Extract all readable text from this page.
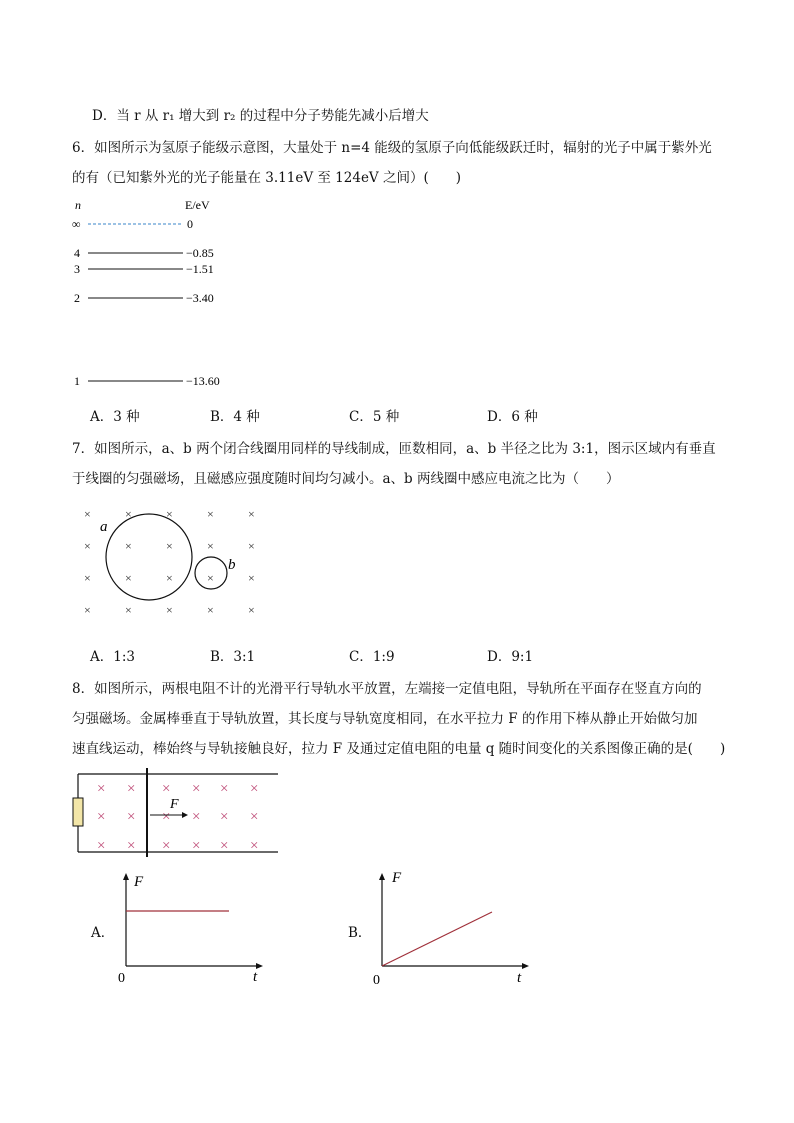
D．当 r 从 r₁ 增大到 r₂ 的过程中分子势能先减小后增大
6．如图所示为氢原子能级示意图，大量处于 n=4 能级的氢原子向低能级跃迁时，辐射的光子中属于紫外光
的有（已知紫外光的光子能量在 3.11eV 至 124eV 之间）(　　)
n	E/eV
∞	0
4	−0.85
3	−1.51
2	−3.40
1	−13.60
A．3 种	B．4 种	C．5 种	D．6 种
7．如图所示，a、b 两个闭合线圈用同样的导线制成，匝数相同，a、b 半径之比为 3:1，图示区域内有垂直
于线圈的匀强磁场，且磁感应强度随时间均匀减小。a、b 两线圈中感应电流之比为（　　）
×	×	×	×	×
×	×	×	×	×
×	×	×	×	×
×	×	×	×	×
a
b
A．1:3	B．3:1	C．1:9	D．9:1
8．如图所示，两根电阻不计的光滑平行导轨水平放置，左端接一定值电阻，导轨所在平面存在竖直方向的
匀强磁场。金属棒垂直于导轨放置，其长度与导轨宽度相同，在水平拉力 F 的作用下棒从静止开始做匀加
速直线运动，棒始终与导轨接触良好，拉力 F 及通过定值电阻的电量 q 随时间变化的关系图像正确的是(　　)
× × × × × ×
× × × × × ×
× × × × × ×
F
A．
F
t
0
B．
F
t
0
